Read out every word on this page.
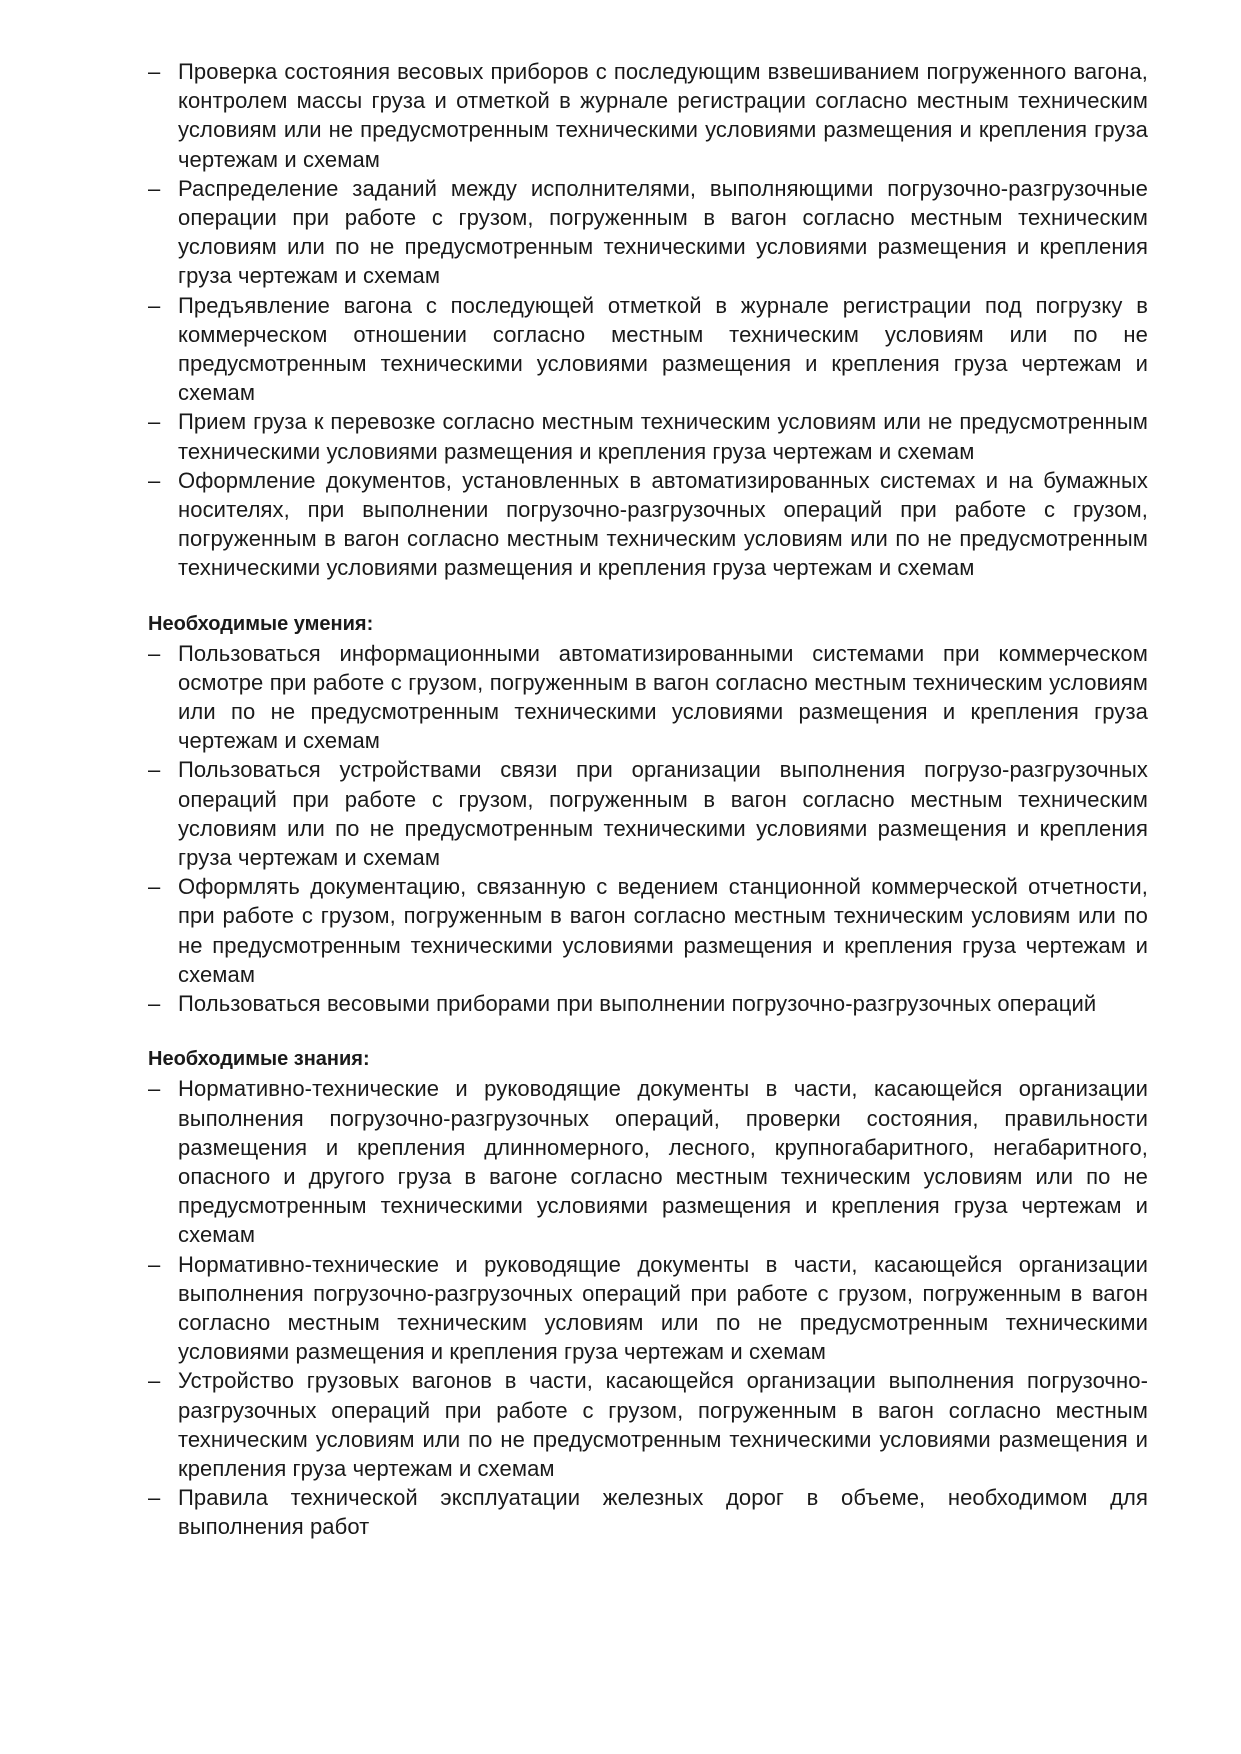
– Проверка состояния весовых приборов с последующим взвешиванием погруженного вагона, контролем массы груза и отметкой в журнале регистрации согласно местным техническим условиям или не предусмотренным техническими условиями размещения и крепления груза чертежам и схемам
– Распределение заданий между исполнителями, выполняющими погрузочно-разгрузочные операции при работе с грузом, погруженным в вагон согласно местным техническим условиям или по не предусмотренным техническими условиями размещения и крепления груза чертежам и схемам
– Предъявление вагона с последующей отметкой в журнале регистрации под погрузку в коммерческом отношении согласно местным техническим условиям или по не предусмотренным техническими условиями размещения и крепления груза чертежам и схемам
– Прием груза к перевозке согласно местным техническим условиям или не предусмотренным техническими условиями размещения и крепления груза чертежам и схемам
– Оформление документов, установленных в автоматизированных системах и на бумажных носителях, при выполнении погрузочно-разгрузочных операций при работе с грузом, погруженным в вагон согласно местным техническим условиям или по не предусмотренным техническими условиями размещения и крепления груза чертежам и схемам
Необходимые умения:
– Пользоваться информационными автоматизированными системами при коммерческом осмотре при работе с грузом, погруженным в вагон согласно местным техническим условиям или по не предусмотренным техническими условиями размещения и крепления груза чертежам и схемам
– Пользоваться устройствами связи при организации выполнения погрузо-разгрузочных операций при работе с грузом, погруженным в вагон согласно местным техническим условиям или по не предусмотренным техническими условиями размещения и крепления груза чертежам и схемам
– Оформлять документацию, связанную с ведением станционной коммерческой отчетности, при работе с грузом, погруженным в вагон согласно местным техническим условиям или по не предусмотренным техническими условиями размещения и крепления груза чертежам и схемам
– Пользоваться весовыми приборами при выполнении погрузочно-разгрузочных операций
Необходимые знания:
– Нормативно-технические и руководящие документы в части, касающейся организации выполнения погрузочно-разгрузочных операций, проверки состояния, правильности размещения и крепления длинномерного, лесного, крупногабаритного, негабаритного, опасного и другого груза в вагоне согласно местным техническим условиям или по не предусмотренным техническими условиями размещения и крепления груза чертежам и схемам
– Нормативно-технические и руководящие документы в части, касающейся организации выполнения погрузочно-разгрузочных операций при работе с грузом, погруженным в вагон согласно местным техническим условиям или по не предусмотренным техническими условиями размещения и крепления груза чертежам и схемам
– Устройство грузовых вагонов в части, касающейся организации выполнения погрузочно-разгрузочных операций при работе с грузом, погруженным в вагон согласно местным техническим условиям или по не предусмотренным техническими условиями размещения и крепления груза чертежам и схемам
– Правила технической эксплуатации железных дорог в объеме, необходимом для выполнения работ
